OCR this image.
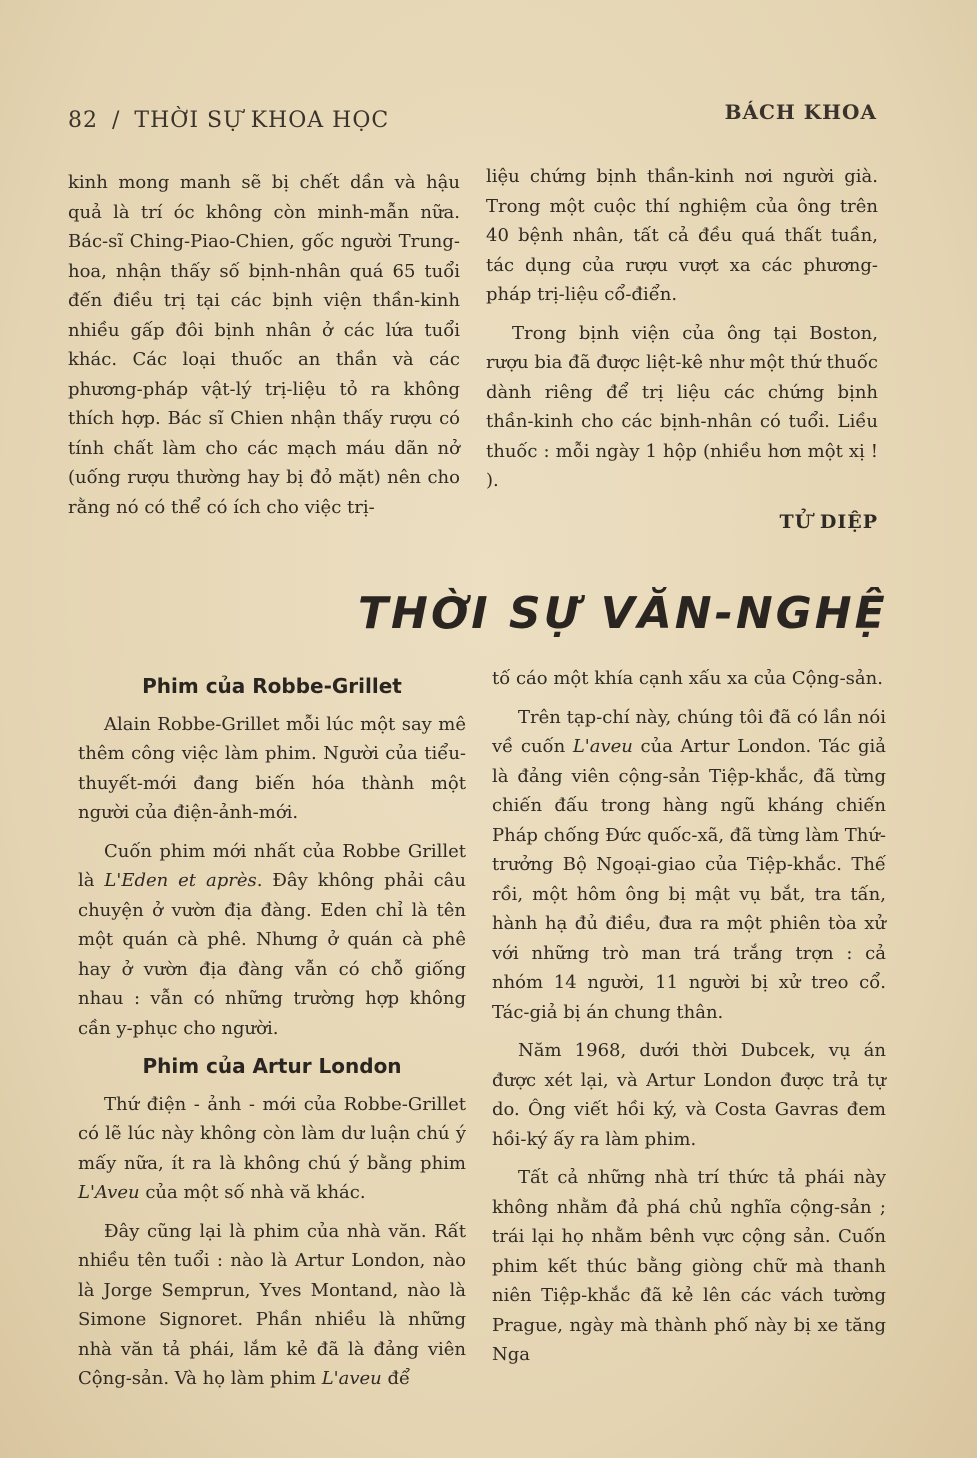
82 / THỜI SỰ KHOA HỌC	BÁCH KHOA

kinh mong manh sẽ bị chết dần và hậu quả là trí óc không còn minh-mẫn nữa. Bác-sĩ Ching-Piao-Chien, gốc người Trung-hoa, nhận thấy số bịnh-nhân quá 65 tuổi đến điều trị tại các bịnh viện thần-kinh nhiều gấp đôi bịnh nhân ở các lứa tuổi khác. Các loại thuốc an thần và các phương-pháp vật-lý trị-liệu tỏ ra không thích hợp. Bác sĩ Chien nhận thấy rượu có tính chất làm cho các mạch máu dãn nở (uống rượu thường hay bị đỏ mặt) nên cho rằng nó có thể có ích cho việc trị-

liệu chứng bịnh thần-kinh nơi người già. Trong một cuộc thí nghiệm của ông trên 40 bệnh nhân, tất cả đều quá thất tuần, tác dụng của rượu vượt xa các phương-pháp trị-liệu cổ-điển.

Trong bịnh viện của ông tại Boston, rượu bia đã được liệt-kê như một thứ thuốc dành riêng để trị liệu các chứng bịnh thần-kinh cho các bịnh-nhân có tuổi. Liều thuốc : mỗi ngày 1 hộp (nhiều hơn một xị ! ).

TỬ DIỆP
THỜI SỰ VĂN-NGHỆ
Phim của Robbe-Grillet

Alain Robbe-Grillet mỗi lúc một say mê thêm công việc làm phim. Người của tiểu-thuyết-mới đang biến hóa thành một người của điện-ảnh-mới.

Cuốn phim mới nhất của Robbe Grillet là L'Eden et après. Đây không phải câu chuyện ở vườn địa đàng. Eden chỉ là tên một quán cà phê. Nhưng ở quán cà phê hay ở vườn địa đàng vẫn có chỗ giống nhau : vẫn có những trường hợp không cần y-phục cho người.

Phim của Artur London

Thứ điện - ảnh - mới của Robbe-Grillet có lẽ lúc này không còn làm dư luận chú ý mấy nữa, ít ra là không chú ý bằng phim L'Aveu của một số nhà vă khác.

Đây cũng lại là phim của nhà văn. Rất nhiều tên tuổi : nào là Artur London, nào là Jorge Semprun, Yves Montand, nào là Simone Signoret. Phần nhiều là những nhà văn tả phái, lắm kẻ đã là đảng viên Cộng-sản. Và họ làm phim L'aveu để

tố cáo một khía cạnh xấu xa của Cộng-sản.

Trên tạp-chí này, chúng tôi đã có lần nói về cuốn L'aveu của Artur London. Tác giả là đảng viên cộng-sản Tiệp-khắc, đã từng chiến đấu trong hàng ngũ kháng chiến Pháp chống Đức quốc-xã, đã từng làm Thứ-trưởng Bộ Ngoại-giao của Tiệp-khắc. Thế rồi, một hôm ông bị mật vụ bắt, tra tấn, hành hạ đủ điều, đưa ra một phiên tòa xử với những trò man trá trắng trợn : cả nhóm 14 người, 11 người bị xử treo cổ. Tác-giả bị án chung thân.

Năm 1968, dưới thời Dubcek, vụ án được xét lại, và Artur London được trả tự do. Ông viết hồi ký, và Costa Gavras đem hồi-ký ấy ra làm phim.

Tất cả những nhà trí thức tả phái này không nhằm đả phá chủ nghĩa cộng-sản ; trái lại họ nhằm bênh vực cộng sản. Cuốn phim kết thúc bằng giòng chữ mà thanh niên Tiệp-khắc đã kẻ lên các vách tường Prague, ngày mà thành phố này bị xe tăng Nga
